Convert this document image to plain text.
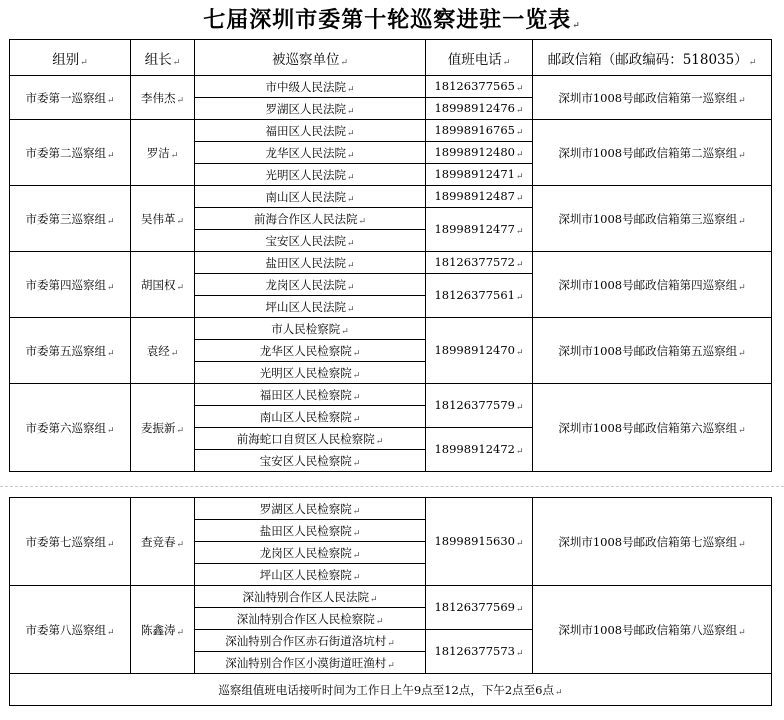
七届深圳市委第十轮巡察进驻一览表 ↵
组别 ↵	组长 ↵	被巡察单位 ↵	值班电话 ↵	邮政信箱（邮政编码：518035） ↵
市委第一巡察组 ↵	李伟杰 ↵	市中级人民法院 ↵	18126377565 ↵	深圳市1008号邮政信箱第一巡察组 ↵
		罗湖区人民法院 ↵	18998912476 ↵
市委第二巡察组 ↵	罗洁 ↵	福田区人民法院 ↵	18998916765 ↵	深圳市1008号邮政信箱第二巡察组 ↵
		龙华区人民法院 ↵	18998912480 ↵
		光明区人民法院 ↵	18998912471 ↵
市委第三巡察组 ↵	吴伟革 ↵	南山区人民法院 ↵	18998912487 ↵	深圳市1008号邮政信箱第三巡察组 ↵
		前海合作区人民法院 ↵	18998912477 ↵
		宝安区人民法院 ↵
市委第四巡察组 ↵	胡国权 ↵	盐田区人民法院 ↵	18126377572 ↵	深圳市1008号邮政信箱第四巡察组 ↵
		龙岗区人民法院 ↵	18126377561 ↵
		坪山区人民法院 ↵
市委第五巡察组 ↵	袁经 ↵	市人民检察院 ↵	18998912470 ↵	深圳市1008号邮政信箱第五巡察组 ↵
		龙华区人民检察院 ↵
		光明区人民检察院 ↵
市委第六巡察组 ↵	麦振新 ↵	福田区人民检察院 ↵	18126377579 ↵	深圳市1008号邮政信箱第六巡察组 ↵
		南山区人民检察院 ↵
		前海蛇口自贸区人民检察院 ↵	18998912472 ↵
		宝安区人民检察院 ↵
市委第七巡察组 ↵	查竞春 ↵	罗湖区人民检察院 ↵	18998915630 ↵	深圳市1008号邮政信箱第七巡察组 ↵
		盐田区人民检察院 ↵
		龙岗区人民检察院 ↵
		坪山区人民检察院 ↵
市委第八巡察组 ↵	陈鑫涛 ↵	深汕特别合作区人民法院 ↵	18126377569 ↵	深圳市1008号邮政信箱第八巡察组 ↵
		深汕特别合作区人民检察院 ↵
		深汕特别合作区赤石街道洛坑村 ↵	18126377573 ↵
		深汕特别合作区小漠街道旺渔村 ↵
巡察组值班电话接听时间为工作日上午9点至12点，下午2点至6点 ↵
